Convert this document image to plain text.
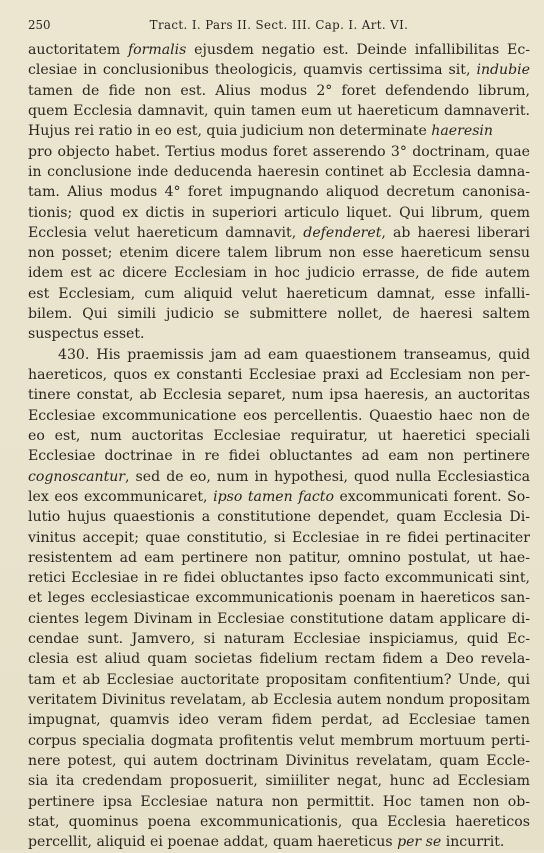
250	Tract. I. Pars II. Sect. III. Cap. I. Art. VI.
auctoritatem formalis ejusdem negatio est. Deinde infallibilitas Ec-
clesiae in conclusionibus theologicis, quamvis certissima sit, indubie
tamen de fide non est. Alius modus 2° foret defendendo librum,
quem Ecclesia damnavit, quin tamen eum ut haereticum damnaverit.
Hujus rei ratio in eo est, quia judicium non determinate haeresin
pro objecto habet. Tertius modus foret asserendo 3° doctrinam, quae
in conclusione inde deducenda haeresin continet ab Ecclesia damna-
tam. Alius modus 4° foret impugnando aliquod decretum canonisa-
tionis; quod ex dictis in superiori articulo liquet. Qui librum, quem
Ecclesia velut haereticum damnavit, defenderet, ab haeresi liberari
non posset; etenim dicere talem librum non esse haereticum sensu
idem est ac dicere Ecclesiam in hoc judicio errasse, de fide autem
est Ecclesiam, cum aliquid velut haereticum damnat, esse infalli-
bilem. Qui simili judicio se submittere nollet, de haeresi saltem
suspectus esset.
430. His praemissis jam ad eam quaestionem transeamus, quid
haereticos, quos ex constanti Ecclesiae praxi ad Ecclesiam non per-
tinere constat, ab Ecclesia separet, num ipsa haeresis, an auctoritas
Ecclesiae excommunicatione eos percellentis. Quaestio haec non de
eo est, num auctoritas Ecclesiae requiratur, ut haeretici speciali
Ecclesiae doctrinae in re fidei obluctantes ad eam non pertinere
cognoscantur, sed de eo, num in hypothesi, quod nulla Ecclesiastica
lex eos excommunicaret, ipso tamen facto excommunicati forent. So-
lutio hujus quaestionis a constitutione dependet, quam Ecclesia Di-
vinitus accepit; quae constitutio, si Ecclesiae in re fidei pertinaciter
resistentem ad eam pertinere non patitur, omnino postulat, ut hae-
retici Ecclesiae in re fidei obluctantes ipso facto excommunicati sint,
et leges ecclesiasticae excommunicationis poenam in haereticos san-
cientes legem Divinam in Ecclesiae constitutione datam applicare di-
cendae sunt. Jamvero, si naturam Ecclesiae inspiciamus, quid Ec-
clesia est aliud quam societas fidelium rectam fidem a Deo revela-
tam et ab Ecclesiae auctoritate propositam confitentium? Unde, qui
veritatem Divinitus revelatam, ab Ecclesia autem nondum propositam
impugnat, quamvis ideo veram fidem perdat, ad Ecclesiae tamen
corpus specialia dogmata profitentis velut membrum mortuum perti-
nere potest, qui autem doctrinam Divinitus revelatam, quam Eccle-
sia ita credendam proposuerit, simiiliter negat, hunc ad Ecclesiam
pertinere ipsa Ecclesiae natura non permittit. Hoc tamen non ob-
stat, quominus poena excommunicationis, qua Ecclesia haereticos
percellit, aliquid ei poenae addat, quam haereticus per se incurrit.
